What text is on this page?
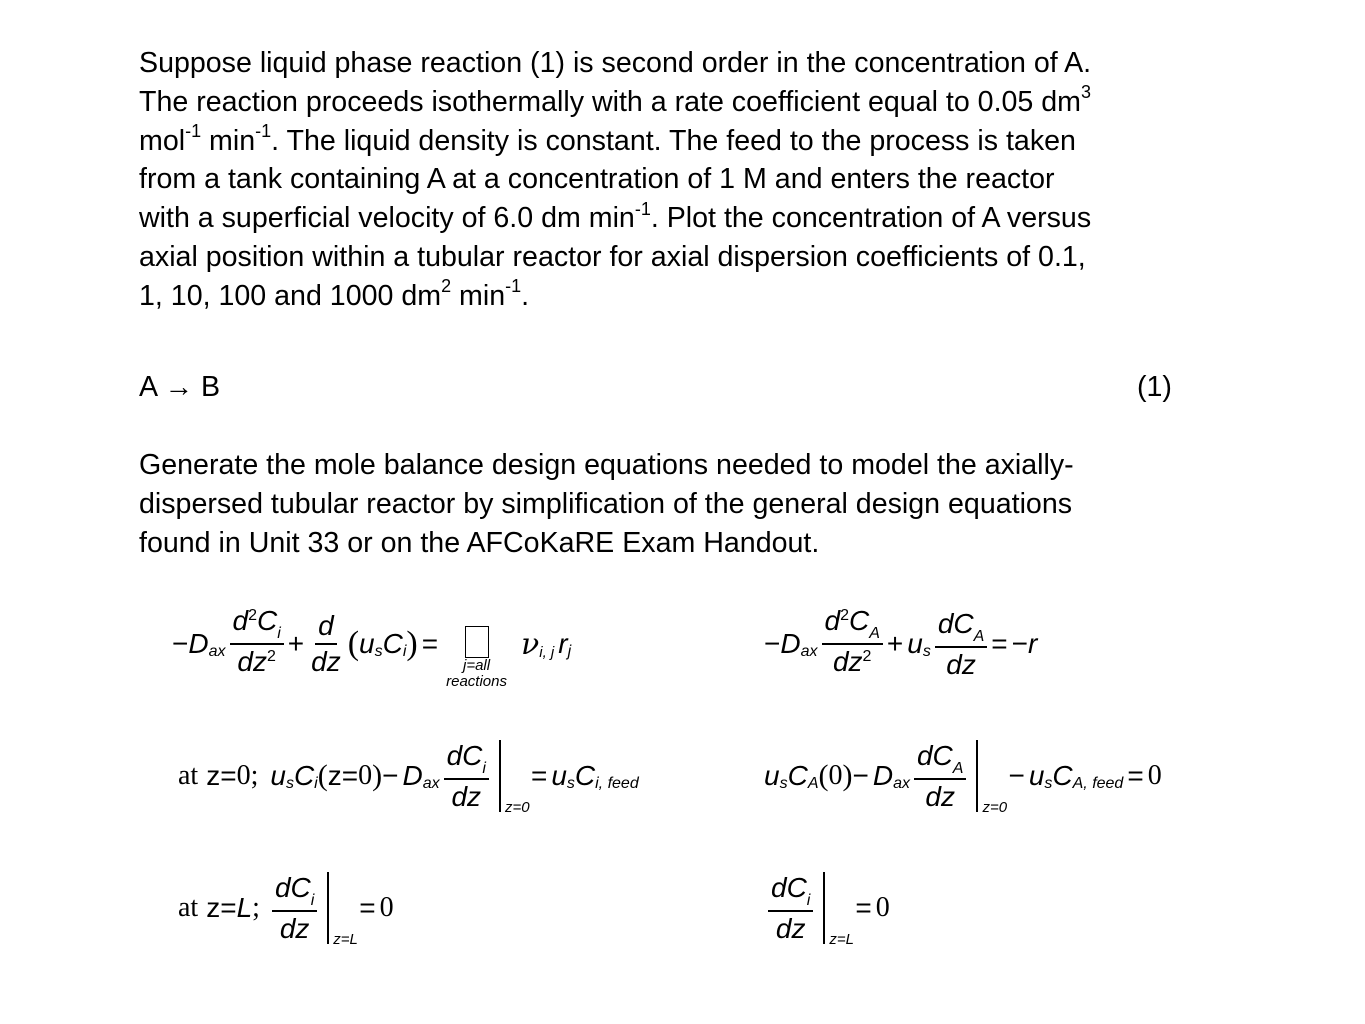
Suppose liquid phase reaction (1) is second order in the concentration of A.
The reaction proceeds isothermally with a rate coefficient equal to 0.05 $dm^3$
mol$^{-1}$ $\min^{-1}$. The liquid density is constant. The feed to the process is taken
from a tank containing A at a concentration of 1 M and enters the reactor
with a superficial velocity of 6.0 dm $\min^{-1}$. Plot the concentration of A versus
axial position within a tubular reactor for axial dispersion coefficients of 0.1,
1, 10, 100 and 1000 $dm^2$ $\min^{-1}$.

A → B	(1)

Generate the mole balance design equations needed to model the axially-
dispersed tubular reactor by simplification of the general design equations
found in Unit 33 or on the AFCoKaRE Exam Handout.

− D ax $\frac{d^2C_i}{dz^2} + \frac{d}{dz}$ ( u s C i ) =
j=all
reactions
ν i, j r j	− D ax $\frac{d^2C_A}{dz^2} + u$ s $\frac{dC_A}{dz}$ = − r
at z = 0; u s C i ( z = 0 ) − D ax $\frac{dC_i}{dz} z=0$
= u s C i, feed	u s C A ( 0 ) − D ax $\frac{dC_A}{dz} z=0$
− u s C A, feed = 0
at z = L ; $\frac{dC_i}{dz} z=L$
= 0	$\frac{dC_i}{dz} z=L$
= 0
